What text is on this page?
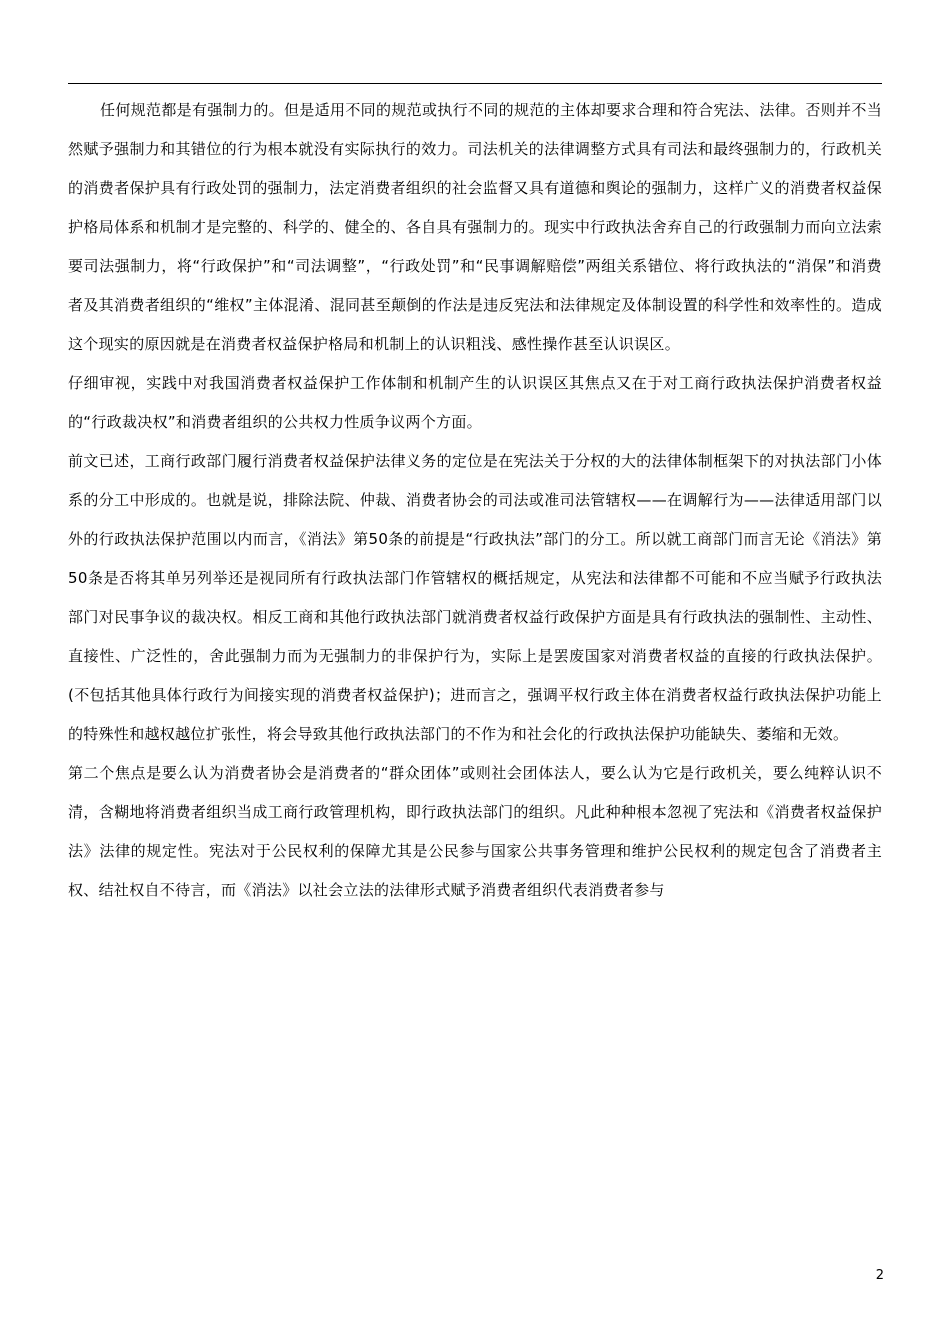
任何规范都是有强制力的。但是适用不同的规范或执行不同的规范的主体却要求合理和符合宪法、法律。否则并不当然赋予强制力和其错位的行为根本就没有实际执行的效力。司法机关的法律调整方式具有司法和最终强制力的，行政机关的消费者保护具有行政处罚的强制力，法定消费者组织的社会监督又具有道德和舆论的强制力，这样广义的消费者权益保护格局体系和机制才是完整的、科学的、健全的、各自具有强制力的。现实中行政执法舍弃自己的行政强制力而向立法索要司法强制力，将“行政保护”和“司法调整”，“行政处罚”和“民事调解赔偿”两组关系错位、将行政执法的“消保”和消费者及其消费者组织的“维权”主体混淆、混同甚至颠倒的作法是违反宪法和法律规定及体制设置的科学性和效率性的。造成这个现实的原因就是在消费者权益保护格局和机制上的认识粗浅、感性操作甚至认识误区。

仔细审视，实践中对我国消费者权益保护工作体制和机制产生的认识误区其焦点又在于对工商行政执法保护消费者权益的“行政裁决权”和消费者组织的公共权力性质争议两个方面。

前文已述，工商行政部门履行消费者权益保护法律义务的定位是在宪法关于分权的大的法律体制框架下的对执法部门小体系的分工中形成的。也就是说，排除法院、仲裁、消费者协会的司法或准司法管辖权——在调解行为——法律适用部门以外的行政执法保护范围以内而言，《消法》第50条的前提是“行政执法”部门的分工。所以就工商部门而言无论《消法》第50条是否将其单另列举还是视同所有行政执法部门作管辖权的概括规定，从宪法和法律都不可能和不应当赋予行政执法部门对民事争议的裁决权。相反工商和其他行政执法部门就消费者权益行政保护方面是具有行政执法的强制性、主动性、直接性、广泛性的，舍此强制力而为无强制力的非保护行为，实际上是罢废国家对消费者权益的直接的行政执法保护。(不包括其他具体行政行为间接实现的消费者权益保护)；进而言之，强调平权行政主体在消费者权益行政执法保护功能上的特殊性和越权越位扩张性，将会导致其他行政执法部门的不作为和社会化的行政执法保护功能缺失、萎缩和无效。

第二个焦点是要么认为消费者协会是消费者的“群众团体”或则社会团体法人，要么认为它是行政机关，要么纯粹认识不清，含糊地将消费者组织当成工商行政管理机构，即行政执法部门的组织。凡此种种根本忽视了宪法和《消费者权益保护法》法律的规定性。宪法对于公民权利的保障尤其是公民参与国家公共事务管理和维护公民权利的规定包含了消费者主权、结社权自不待言，而《消法》以社会立法的法律形式赋予消费者组织代表消费者参与

2
